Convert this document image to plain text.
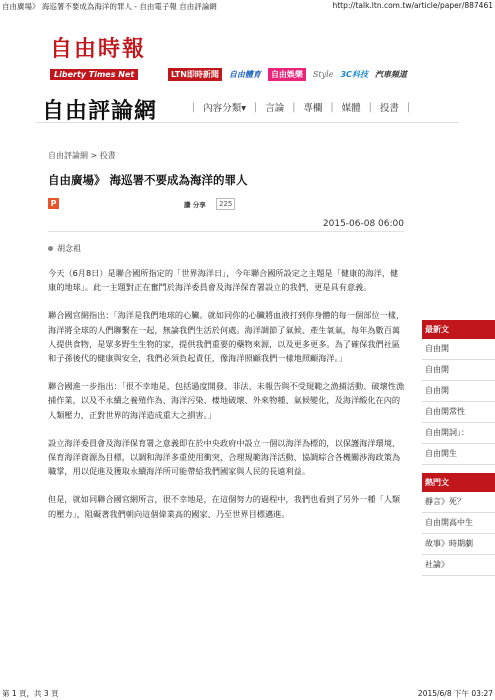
自由廣場》 海巡署不要成為海洋的罪人 - 自由電子報 自由評論網	http://talk.ltn.com.tw/article/paper/887461
自由時報
Liberty Times Net	LTN即時新聞	自由體育	自由娛樂	Style 3C科技 汽車頻道
自由評論網	| 內容分類▾ | 言論 | 專欄 | 媒體 | 投書 |
自由評論網 > 投書
自由廣場》 海巡署不要成為海洋的罪人
P	讚 分享	225
2015-06-08 06:00
胡念祖

今天（6月8日）是聯合國所指定的「世界海洋日」，今年聯合國所設定之主題是「健康的海洋，健康的地球」。此一主題對正在奮鬥於海洋委員會及海洋保育署設立的我們，更是具有意義。

聯合國官網指出：「海洋是我們地球的心臟。就如同你的心臟將血液打到你身體的每一個部位一樣，海洋將全球的人們聯繫在一起，無論我們生活於何處。海洋調節了氣候、產生氧氣，每年為數百萬人提供食物，是眾多野生生物的家，提供我們重要的藥物來源，以及更多更多。為了確保我們社區和子孫後代的健康與安全，我們必須負起責任，像海洋照顧我們一樣地照顧海洋。」

聯合國進一步指出：「很不幸地是，包括過度開發、非法、未報告與不受規範之漁捕活動、破壞性漁捕作業，以及不永續之養殖作為、海洋污染、棲地破壞、外來物種、氣候變化，及海洋酸化在內的人類壓力，正對世界的海洋造成重大之損害。」

設立海洋委員會及海洋保育署之意義即在於中央政府中設立一個以海洋為標的，以保護海洋環境、保育海洋資源為目標，以調和海洋多重使用衝突，合理規範海洋活動、協調綜合各機關涉海政策為職掌，用以促進及獲取永續海洋所可能帶給我們國家與人民的長遠利益。

但是，就如同聯合國官網所言，很不幸地是，在這個努力的過程中，我們也看到了另外一種「人類的壓力」，阻礙著我們朝向這個偉業高的國家、乃至世界目標邁進。

最新文
自由開
自由開
自由開
自由開常性
自由開詞」：
自由開生
熱門文
靜言》死？
自由開高中生
故事》時期劇
社論》
第 1 頁，共 3 頁	2015/6/8 下午 03:27
